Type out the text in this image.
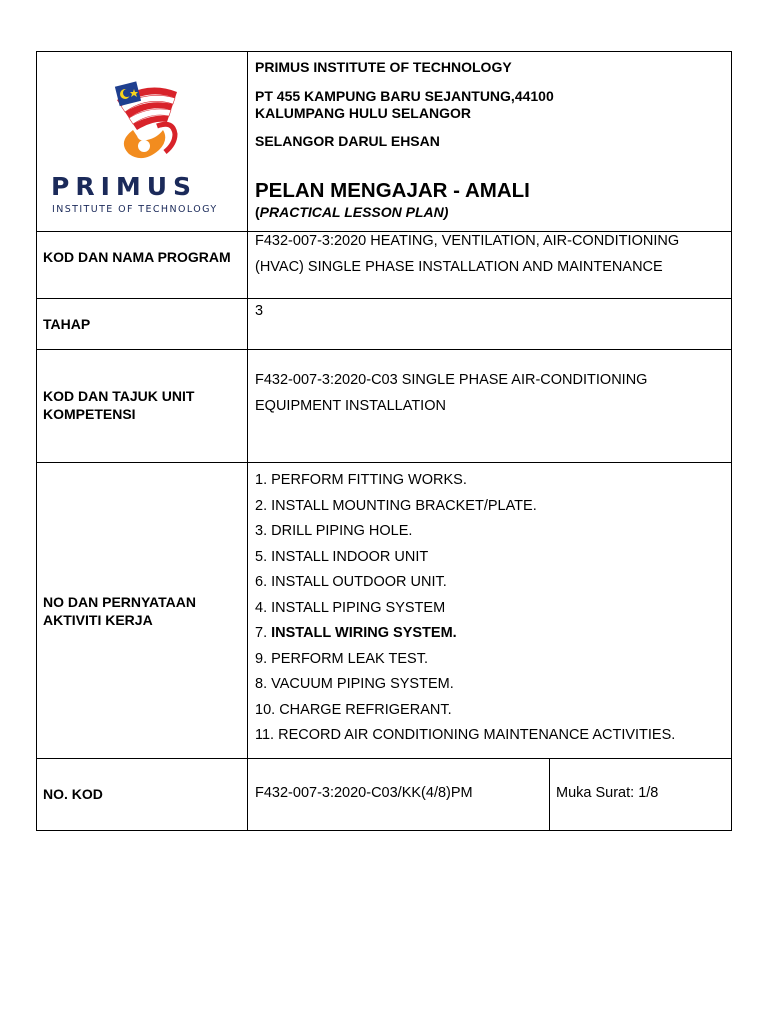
PRIMUS
INSTITUTE OF TECHNOLOGY
PRIMUS INSTITUTE OF TECHNOLOGY
PT 455 KAMPUNG BARU SEJANTUNG,44100
KALUMPANG HULU SELANGOR
SELANGOR DARUL EHSAN
PELAN MENGAJAR - AMALI
(PRACTICAL LESSON PLAN)
KOD DAN NAMA PROGRAM
F432-007-3:2020 HEATING, VENTILATION, AIR-CONDITIONING
(HVAC) SINGLE PHASE INSTALLATION AND MAINTENANCE
TAHAP
3
KOD DAN TAJUK UNIT KOMPETENSI
F432-007-3:2020-C03 SINGLE PHASE AIR-CONDITIONING
EQUIPMENT INSTALLATION
NO DAN PERNYATAAN AKTIVITI KERJA
1. PERFORM FITTING WORKS.
2. INSTALL MOUNTING BRACKET/PLATE.
3. DRILL PIPING HOLE.
5. INSTALL INDOOR UNIT
6. INSTALL OUTDOOR UNIT.
4. INSTALL PIPING SYSTEM
7. INSTALL WIRING SYSTEM.
9. PERFORM LEAK TEST.
8. VACUUM PIPING SYSTEM.
10. CHARGE REFRIGERANT.
11. RECORD AIR CONDITIONING MAINTENANCE ACTIVITIES.
NO. KOD	F432-007-3:2020-C03/KK(4/8)PM	Muka Surat: 1/8
